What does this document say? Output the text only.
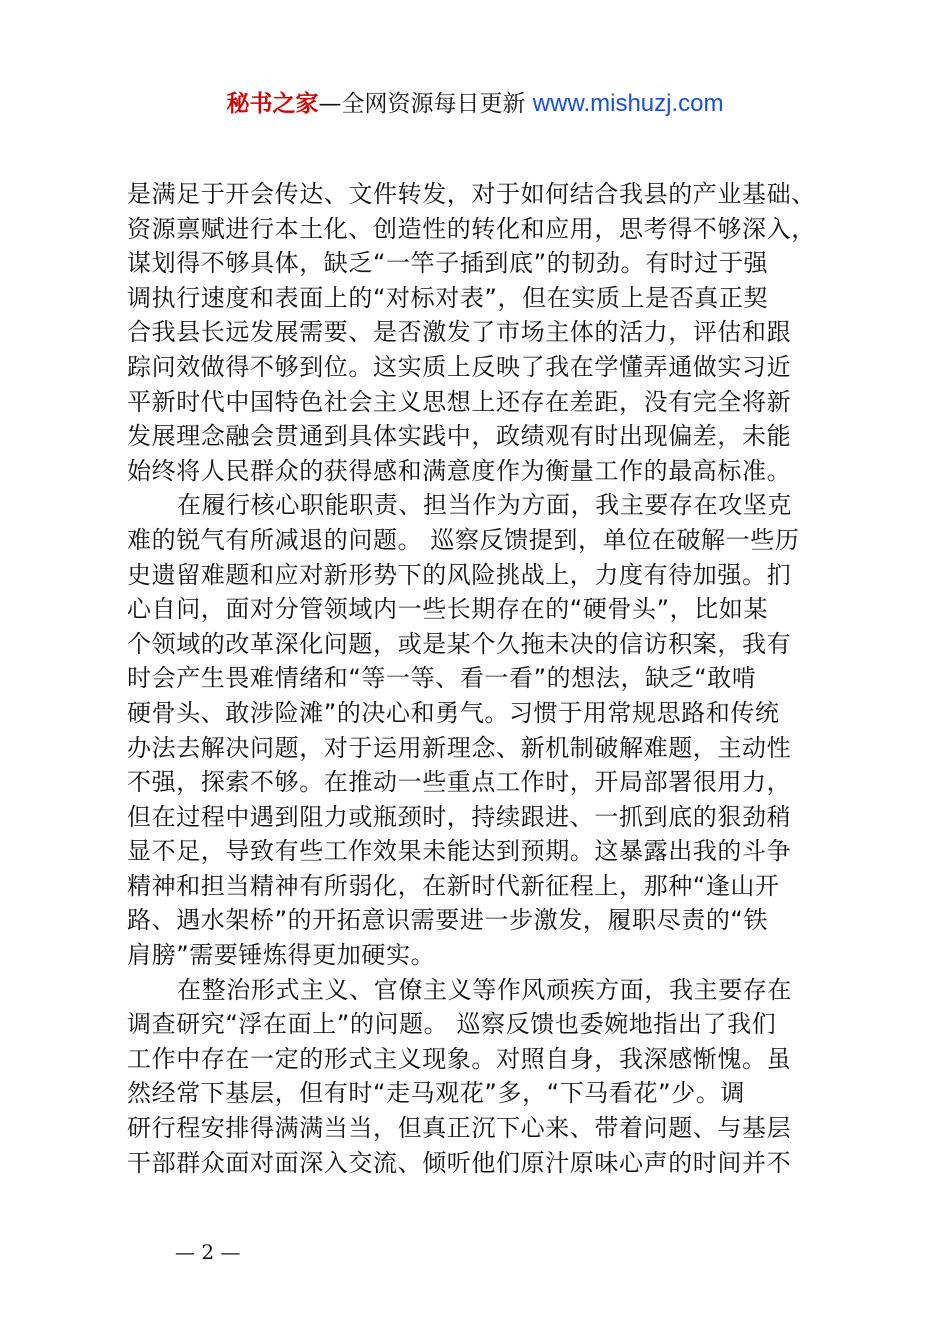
秘书之家—全网资源每日更新 www.mishuzj.com
是满足于开会传达、文件转发，对于如何结合我县的产业基础、
资源禀赋进行本土化、创造性的转化和应用，思考得不够深入，
谋划得不够具体，缺乏“一竿子插到底”的韧劲。有时过于强
调执行速度和表面上的“对标对表”，但在实质上是否真正契
合我县长远发展需要、是否激发了市场主体的活力，评估和跟
踪问效做得不够到位。这实质上反映了我在学懂弄通做实习近
平新时代中国特色社会主义思想上还存在差距，没有完全将新
发展理念融会贯通到具体实践中，政绩观有时出现偏差，未能
始终将人民群众的获得感和满意度作为衡量工作的最高标准。
在履行核心职能职责、担当作为方面，我主要存在攻坚克
难的锐气有所减退的问题。 巡察反馈提到，单位在破解一些历
史遗留难题和应对新形势下的风险挑战上，力度有待加强。扪
心自问，面对分管领域内一些长期存在的“硬骨头”，比如某
个领域的改革深化问题，或是某个久拖未决的信访积案，我有
时会产生畏难情绪和“等一等、看一看”的想法，缺乏“敢啃
硬骨头、敢涉险滩”的决心和勇气。习惯于用常规思路和传统
办法去解决问题，对于运用新理念、新机制破解难题，主动性
不强，探索不够。在推动一些重点工作时，开局部署很用力，
但在过程中遇到阻力或瓶颈时，持续跟进、一抓到底的狠劲稍
显不足，导致有些工作效果未能达到预期。这暴露出我的斗争
精神和担当精神有所弱化，在新时代新征程上，那种“逢山开
路、遇水架桥”的开拓意识需要进一步激发，履职尽责的“铁
肩膀”需要锤炼得更加硬实。
在整治形式主义、官僚主义等作风顽疾方面，我主要存在
调查研究“浮在面上”的问题。 巡察反馈也委婉地指出了我们
工作中存在一定的形式主义现象。对照自身，我深感惭愧。虽
然经常下基层，但有时“走马观花”多，“下马看花”少。调
研行程安排得满满当当，但真正沉下心来、带着问题、与基层
干部群众面对面深入交流、倾听他们原汁原味心声的时间并不
— 2 —
